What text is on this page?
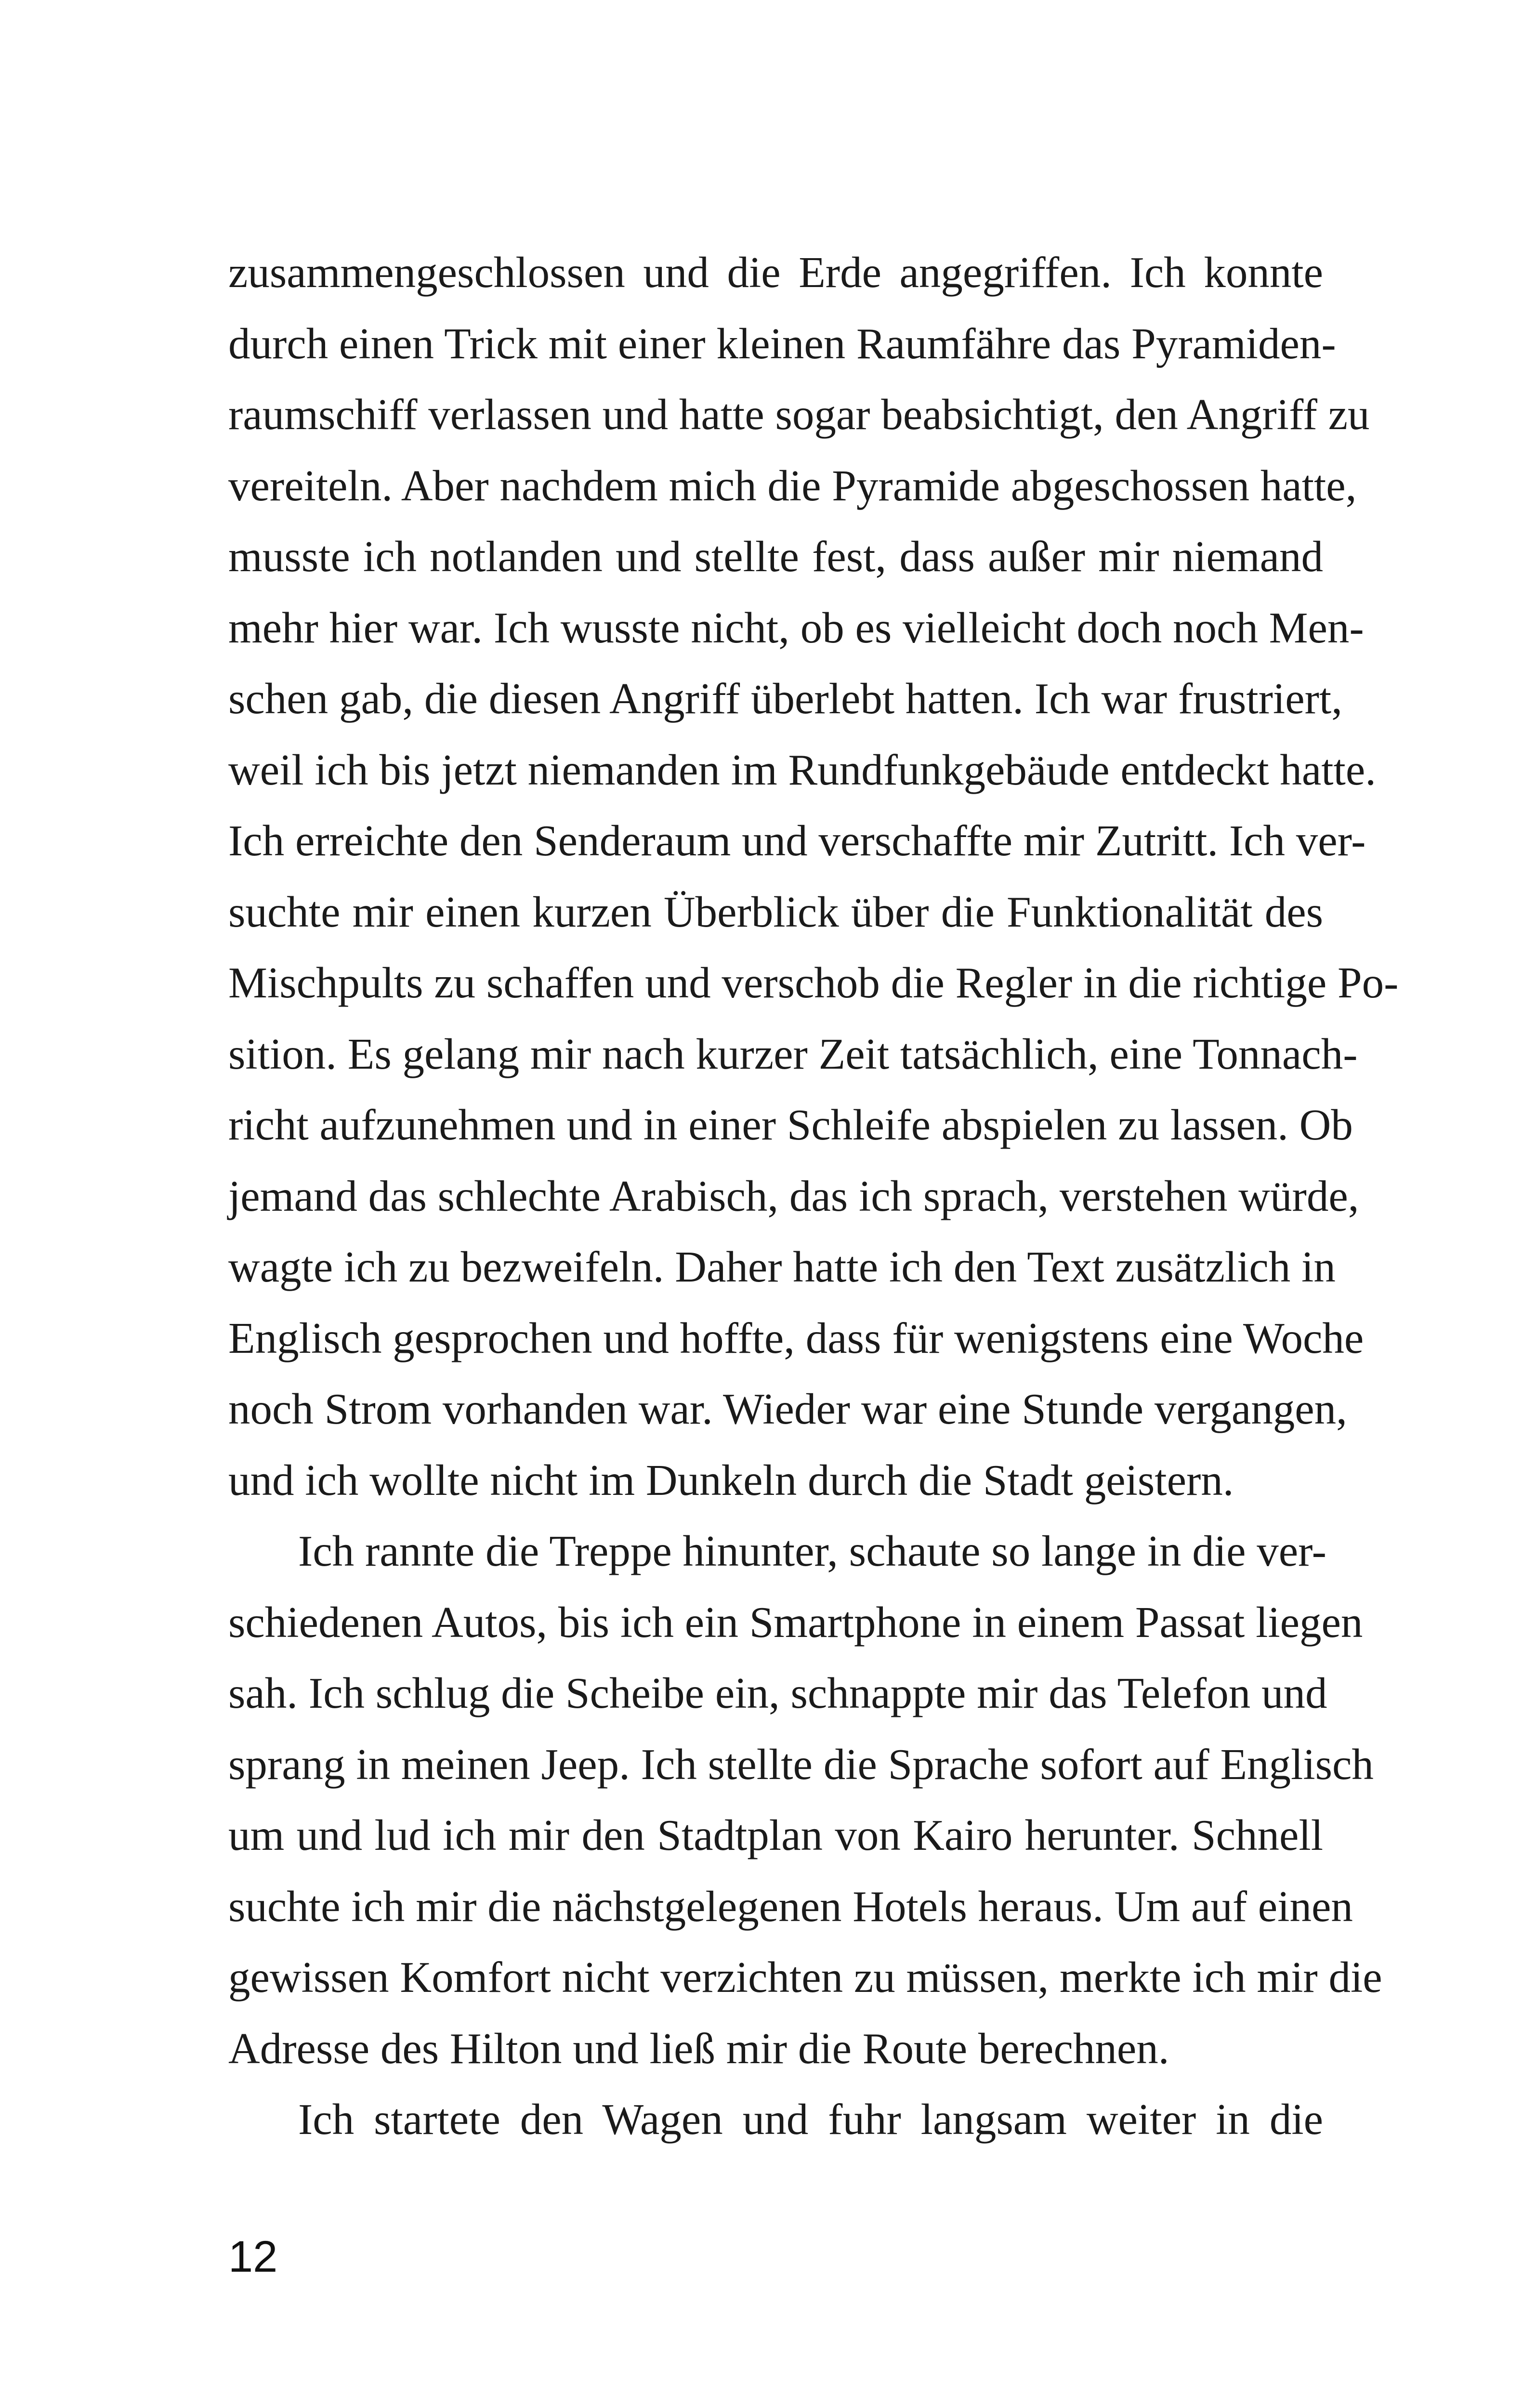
zusammengeschlossen und die Erde angegriffen. Ich konnte
durch einen Trick mit einer kleinen Raumfähre das Pyramiden-
raumschiff verlassen und hatte sogar beabsichtigt, den Angriff zu
vereiteln. Aber nachdem mich die Pyramide abgeschossen hatte,
musste ich notlanden und stellte fest, dass außer mir niemand
mehr hier war. Ich wusste nicht, ob es vielleicht doch noch Men-
schen gab, die diesen Angriff überlebt hatten. Ich war frustriert,
weil ich bis jetzt niemanden im Rundfunkgebäude entdeckt hatte.
Ich erreichte den Senderaum und verschaffte mir Zutritt. Ich ver-
suchte mir einen kurzen Überblick über die Funktionalität des
Mischpults zu schaffen und verschob die Regler in die richtige Po-
sition. Es gelang mir nach kurzer Zeit tatsächlich, eine Tonnach-
richt aufzunehmen und in einer Schleife abspielen zu lassen. Ob
jemand das schlechte Arabisch, das ich sprach, verstehen würde,
wagte ich zu bezweifeln. Daher hatte ich den Text zusätzlich in
Englisch gesprochen und hoffte, dass für wenigstens eine Woche
noch Strom vorhanden war. Wieder war eine Stunde vergangen,
und ich wollte nicht im Dunkeln durch die Stadt geistern.
Ich rannte die Treppe hinunter, schaute so lange in die ver-
schiedenen Autos, bis ich ein Smartphone in einem Passat liegen
sah. Ich schlug die Scheibe ein, schnappte mir das Telefon und
sprang in meinen Jeep. Ich stellte die Sprache sofort auf Englisch
um und lud ich mir den Stadtplan von Kairo herunter. Schnell
suchte ich mir die nächstgelegenen Hotels heraus. Um auf einen
gewissen Komfort nicht verzichten zu müssen, merkte ich mir die
Adresse des Hilton und ließ mir die Route berechnen.
Ich startete den Wagen und fuhr langsam weiter in die
12
